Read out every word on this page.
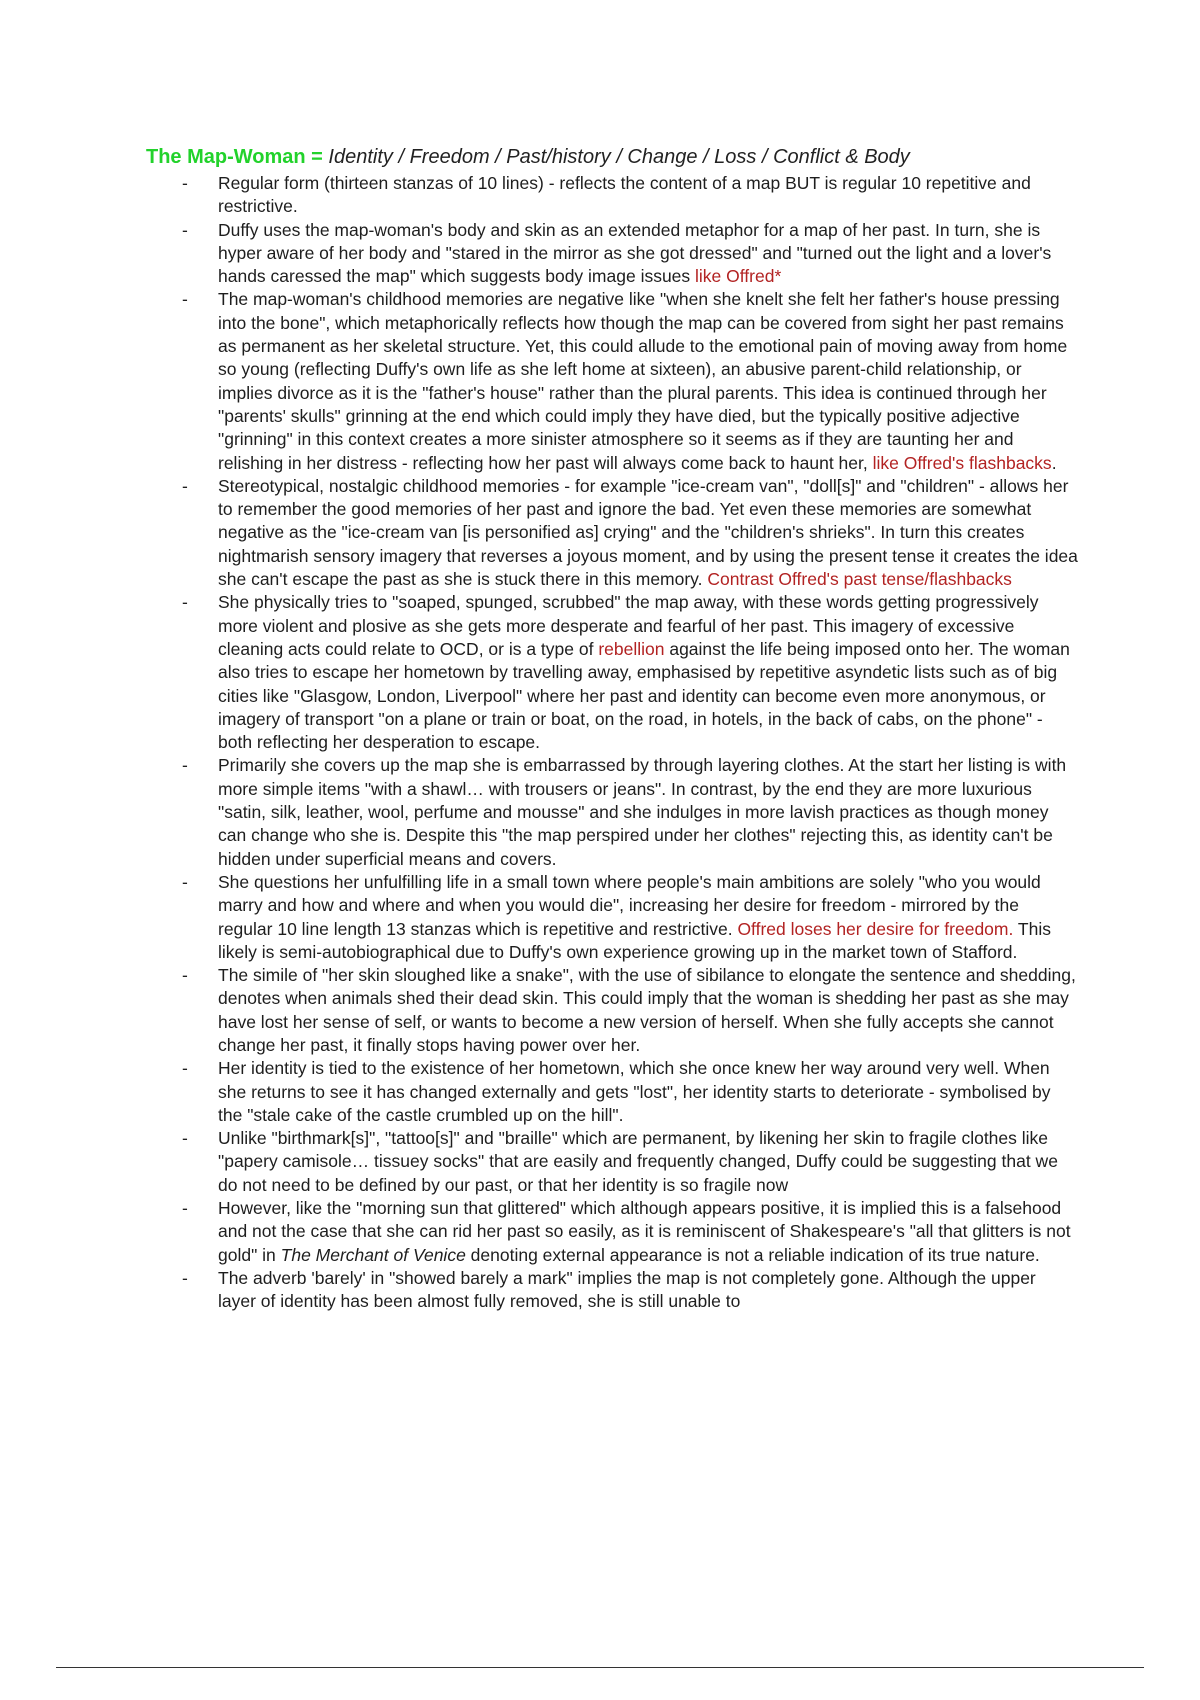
The Map-Woman = Identity / Freedom / Past/history / Change / Loss / Conflict & Body
- Regular form (thirteen stanzas of 10 lines) - reflects the content of a map BUT is regular 10 repetitive and restrictive.
- Duffy uses the map-woman's body and skin as an extended metaphor for a map of her past. In turn, she is hyper aware of her body and "stared in the mirror as she got dressed" and "turned out the light and a lover's hands caressed the map" which suggests body image issues like Offred*
- The map-woman's childhood memories are negative like "when she knelt she felt her father's house pressing into the bone", which metaphorically reflects how though the map can be covered from sight her past remains as permanent as her skeletal structure. Yet, this could allude to the emotional pain of moving away from home so young (reflecting Duffy's own life as she left home at sixteen), an abusive parent-child relationship, or implies divorce as it is the "father's house" rather than the plural parents. This idea is continued through her "parents' skulls" grinning at the end which could imply they have died, but the typically positive adjective "grinning" in this context creates a more sinister atmosphere so it seems as if they are taunting her and relishing in her distress - reflecting how her past will always come back to haunt her, like Offred's flashbacks.
- Stereotypical, nostalgic childhood memories - for example "ice-cream van", "doll[s]" and "children" - allows her to remember the good memories of her past and ignore the bad. Yet even these memories are somewhat negative as the "ice-cream van [is personified as] crying" and the "children's shrieks". In turn this creates nightmarish sensory imagery that reverses a joyous moment, and by using the present tense it creates the idea she can't escape the past as she is stuck there in this memory. Contrast Offred's past tense/flashbacks
- She physically tries to "soaped, spunged, scrubbed" the map away, with these words getting progressively more violent and plosive as she gets more desperate and fearful of her past. This imagery of excessive cleaning acts could relate to OCD, or is a type of rebellion against the life being imposed onto her. The woman also tries to escape her hometown by travelling away, emphasised by repetitive asyndetic lists such as of big cities like "Glasgow, London, Liverpool" where her past and identity can become even more anonymous, or imagery of transport "on a plane or train or boat, on the road, in hotels, in the back of cabs, on the phone" - both reflecting her desperation to escape.
- Primarily she covers up the map she is embarrassed by through layering clothes. At the start her listing is with more simple items "with a shawl… with trousers or jeans". In contrast, by the end they are more luxurious "satin, silk, leather, wool, perfume and mousse" and she indulges in more lavish practices as though money can change who she is. Despite this "the map perspired under her clothes" rejecting this, as identity can't be hidden under superficial means and covers.
- She questions her unfulfilling life in a small town where people's main ambitions are solely "who you would marry and how and where and when you would die", increasing her desire for freedom - mirrored by the regular 10 line length 13 stanzas which is repetitive and restrictive. Offred loses her desire for freedom. This likely is semi-autobiographical due to Duffy's own experience growing up in the market town of Stafford.
- The simile of "her skin sloughed like a snake", with the use of sibilance to elongate the sentence and shedding, denotes when animals shed their dead skin. This could imply that the woman is shedding her past as she may have lost her sense of self, or wants to become a new version of herself. When she fully accepts she cannot change her past, it finally stops having power over her.
- Her identity is tied to the existence of her hometown, which she once knew her way around very well. When she returns to see it has changed externally and gets "lost", her identity starts to deteriorate - symbolised by the "stale cake of the castle crumbled up on the hill".
- Unlike "birthmark[s]", "tattoo[s]" and "braille" which are permanent, by likening her skin to fragile clothes like "papery camisole… tissuey socks" that are easily and frequently changed, Duffy could be suggesting that we do not need to be defined by our past, or that her identity is so fragile now
- However, like the "morning sun that glittered" which although appears positive, it is implied this is a falsehood and not the case that she can rid her past so easily, as it is reminiscent of Shakespeare's "all that glitters is not gold" in The Merchant of Venice denoting external appearance is not a reliable indication of its true nature.
- The adverb 'barely' in "showed barely a mark" implies the map is not completely gone. Although the upper layer of identity has been almost fully removed, she is still unable to
